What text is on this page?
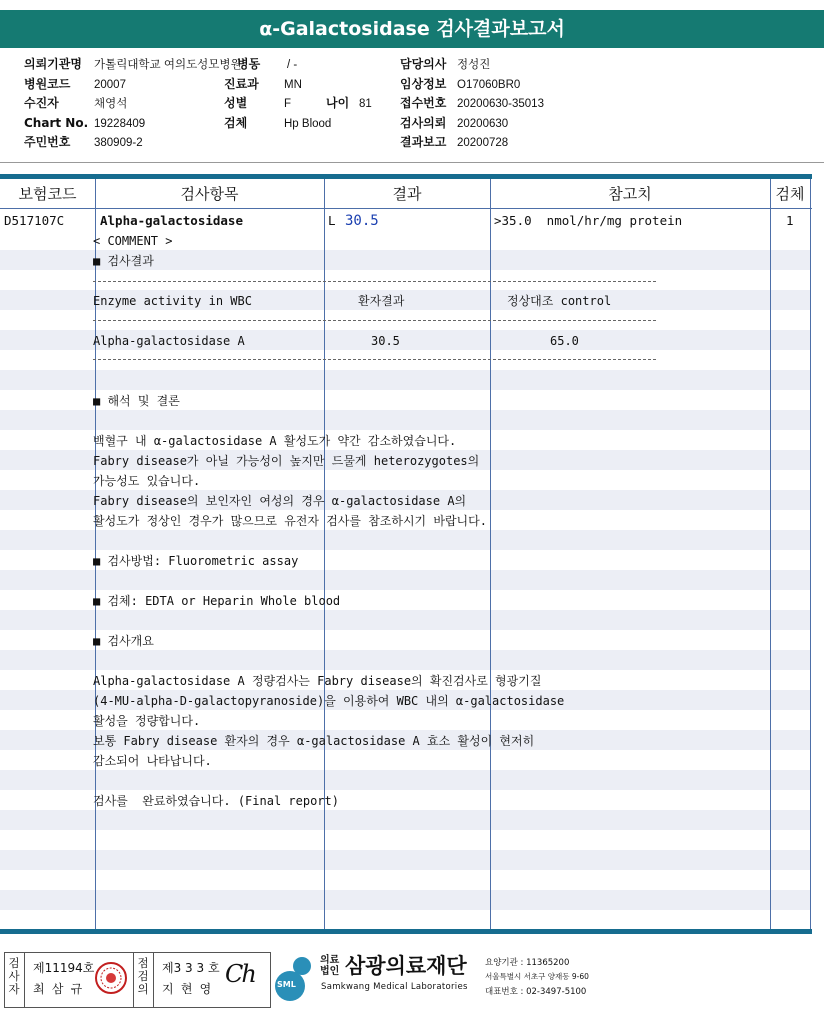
α-Galactosidase 검사결과보고서
의뢰기관명 가톨릭대학교 여의도성모병원
병원코드 20007
수진자	채영석
Chart No. 19228409
주민번호 380909-2
병동 / -
진료과 MN
성별	F	나이 81
검체	Hp Blood
담당의사 정성진
임상정보 O17060BR0
접수번호 20200630-35013
검사의뢰 20200630
결과보고 20200728
보험코드	검사항목	결과	참고치	검체
D517107C	Alpha-galactosidase	L 30.5	>35.0  nmol/hr/mg protein	1
< COMMENT >
■ 검사결과
Enzyme activity in WBC	환자결과	정상대조 control
Alpha-galactosidase A	30.5	65.0
■ 해석 및 결론
백혈구 내 α-galactosidase A 활성도가 약간 감소하였습니다.
Fabry disease가 아닐 가능성이 높지만 드물게 heterozygotes의
가능성도 있습니다.
Fabry disease의 보인자인 여성의 경우 α-galactosidase A의
활성도가 정상인 경우가 많으므로 유전자 검사를 참조하시기 바랍니다.
■ 검사방법: Fluorometric assay
■ 검체: EDTA or Heparin Whole blood
■ 검사개요
Alpha-galactosidase A 정량검사는 Fabry disease의 확진검사로 형광기질
(4-MU-alpha-D-galactopyranoside)을 이용하여 WBC 내의 α-galactosidase
활성을 정량합니다.
보통 Fabry disease 환자의 경우 α-galactosidase A 효소 활성이 현저히
감소되어 나타납니다.
검사를  완료하였습니다. (Final report)
검사자
제11194호
최 삼 규
점검의
제3 3 3 호
지 현 영
Ch	SML
의료
법인 삼광의료재단
Samkwang Medical Laboratories
요양기관 : 11365200
서울특별시 서초구 양재동 9-60
대표번호 : 02-3497-5100
